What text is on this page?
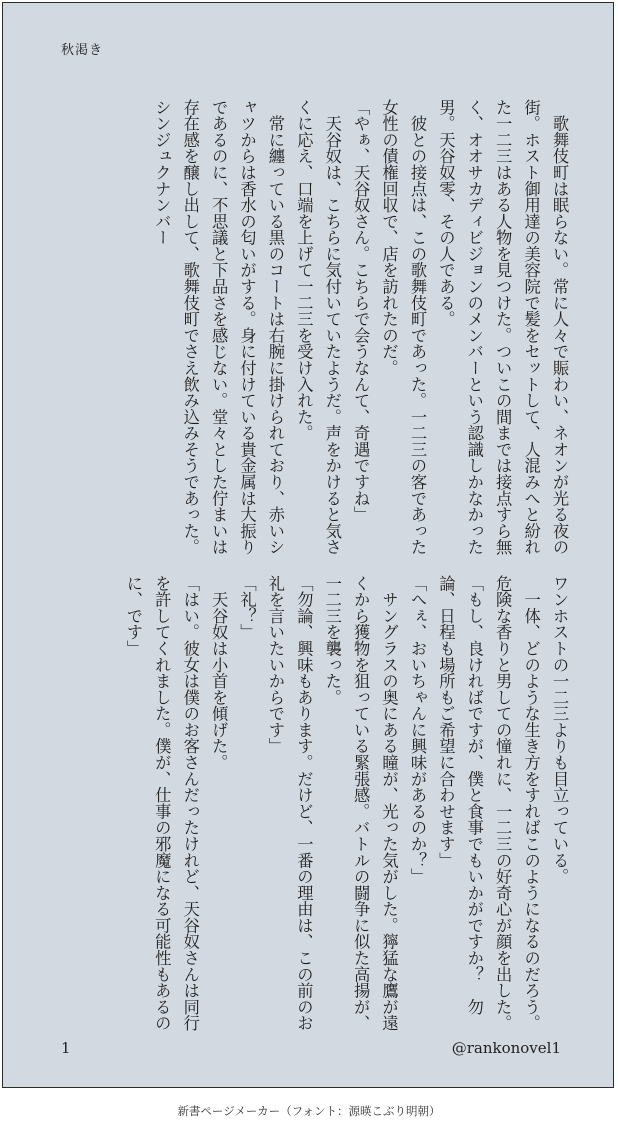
秋渇き

　歌舞伎町は眠らない。常に人々で賑わい、ネオンが光る夜の街。ホスト御用達の美容院で髪をセットして、人混みへと紛れた一二三はある人物を見つけた。ついこの間までは接点すら無く、オオサカディビジョンのメンバーという認識しかなかった男。天谷奴零、その人である。

　彼との接点は、この歌舞伎町であった。一二三の客であった女性の債権回収で、店を訪れたのだ。

「やぁ、天谷奴さん。こちらで会うなんて、奇遇ですね」

　天谷奴は、こちらに気付いていたようだ。声をかけると気さくに応え、口端を上げて一二三を受け入れた。

　常に纏っている黒のコートは右腕に掛けられており、赤いシャツからは香水の匂いがする。身に付けている貴金属は大振りであるのに、不思議と下品さを感じない。堂々とした佇まいは存在感を醸し出して、歌舞伎町でさえ飲み込みそうであった。シンジュクナンバー

ワンホストの一二三よりも目立っている。

　一体、どのような生き方をすればこのようになるのだろう。危険な香りと男しての憧れに、一二三の好奇心が顔を出した。

「もし、良ければですが、僕と食事でもいかがですか？　勿論、日程も場所もご希望に合わせます」

「へぇ、おいちゃんに興味があるのか？」

　サングラスの奥にある瞳が、光った気がした。獰猛な鷹が遠くから獲物を狙っている緊張感。バトルの闘争に似た高揚が、一二三を襲った。

「勿論、興味もあります。だけど、一番の理由は、この前のお礼を言いたいからです」

「礼？」

　天谷奴は小首を傾げた。

「はい。彼女は僕のお客さんだったけれど、天谷奴さんは同行を許してくれました。僕が、仕事の邪魔になる可能性もあるのに、です」

1	@rankonovel1
新書ページメーカー（フォント：源暎こぶり明朝）
